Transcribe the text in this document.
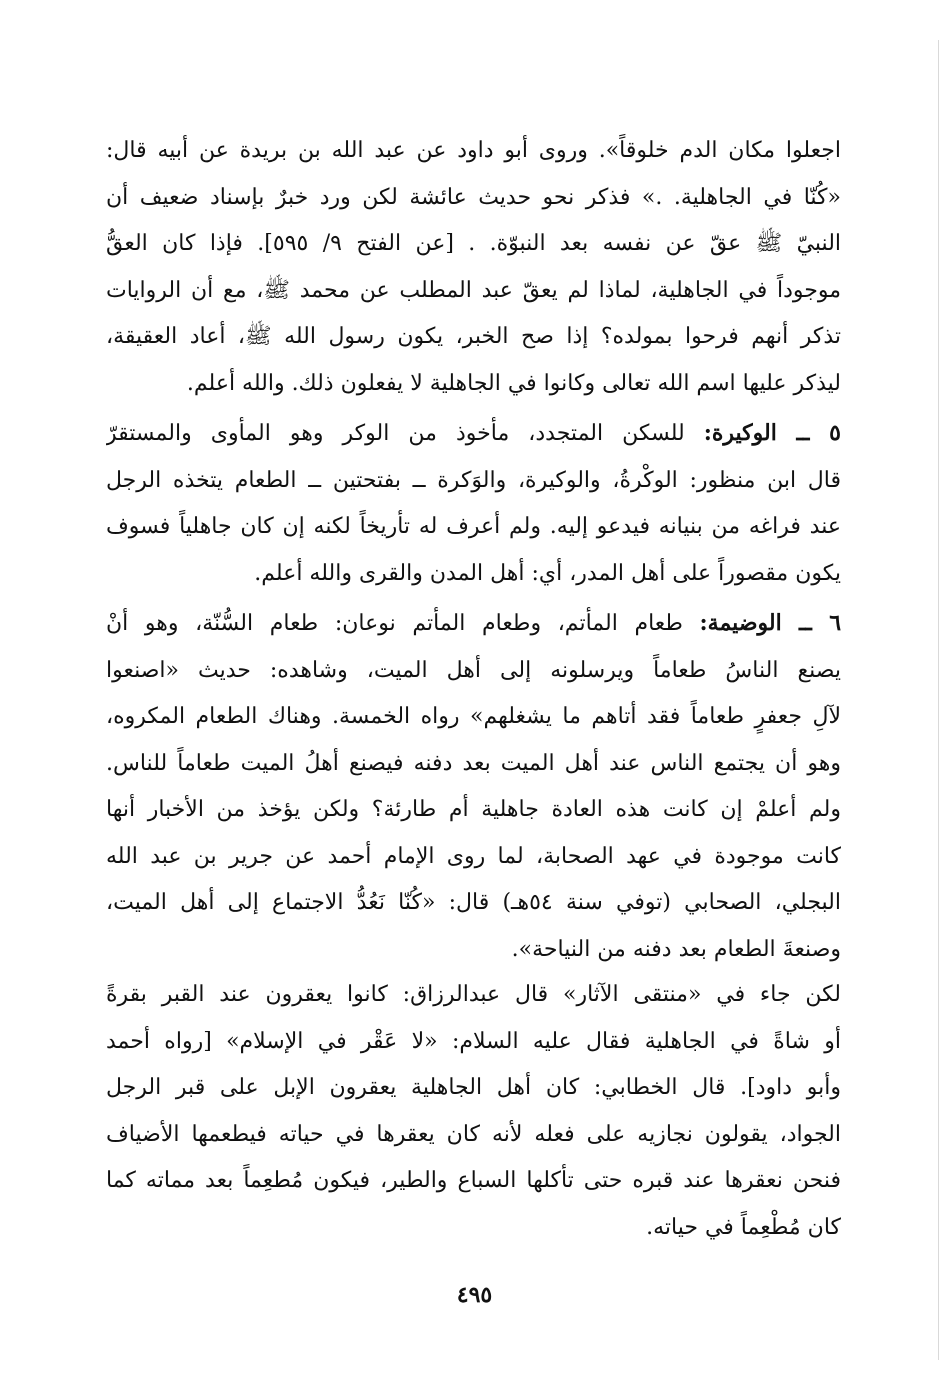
اجعلوا مكان الدم خلوقاً». وروى أبو داود عن عبد الله بن بريدة عن أبيه قال:
«كُنّا في الجاهلية. .» فذكر نحو حديث عائشة لكن ورد خبرٌ بإسناد ضعيف أن
النبيّ ﷺ عقّ عن نفسه بعد النبوّة. . [عن الفتح ٩/ ٥٩٥]. فإذا كان العقُّ
موجوداً في الجاهلية، لماذا لم يعقّ عبد المطلب عن محمد ﷺ، مع أن الروايات
تذكر أنهم فرحوا بمولده؟ إذا صح الخبر، يكون رسول الله ﷺ، أعاد العقيقة،
ليذكر عليها اسم الله تعالى وكانوا في الجاهلية لا يفعلون ذلك. والله أعلم.
٥ ــ الوكيرة: للسكن المتجدد، مأخوذ من الوكر وهو المأوى والمستقرّ
قال ابن منظور: الوكْرةُ، والوكيرة، والوَكرة ــ بفتحتين ــ الطعام يتخذه الرجل
عند فراغه من بنيانه فيدعو إليه. ولم أعرف له تأريخاً لكنه إن كان جاهلياً فسوف
يكون مقصوراً على أهل المدر، أي: أهل المدن والقرى والله أعلم.
٦ ــ الوضيمة: طعام المأتم، وطعام المأتم نوعان: طعام السُّنّة، وهو أنْ
يصنع الناسُ طعاماً ويرسلونه إلى أهل الميت، وشاهده: حديث «اصنعوا
لآلِ جعفرٍ طعاماً فقد أتاهم ما يشغلهم» رواه الخمسة. وهناك الطعام المكروه،
وهو أن يجتمع الناس عند أهل الميت بعد دفنه فيصنع أهلُ الميت طعاماً للناس.
ولم أعلمْ إن كانت هذه العادة جاهلية أم طارئة؟ ولكن يؤخذ من الأخبار أنها
كانت موجودة في عهد الصحابة، لما روى الإمام أحمد عن جرير بن عبد الله
البجلي، الصحابي (توفي سنة ٥٤هـ) قال: «كُنّا نَعُدُّ الاجتماع إلى أهل الميت،
وصنعةَ الطعام بعد دفنه من النياحة».
لكن جاء في «منتقى الآثار» قال عبدالرزاق: كانوا يعقرون عند القبر بقرةً
أو شاةً في الجاهلية فقال عليه السلام: «لا عَقْر في الإسلام» [رواه أحمد
وأبو داود]. قال الخطابي: كان أهل الجاهلية يعقرون الإبل على قبر الرجل
الجواد، يقولون نجازيه على فعله لأنه كان يعقرها في حياته فيطعمها الأضياف
فنحن نعقرها عند قبره حتى تأكلها السباع والطير، فيكون مُطعِماً بعد مماته كما
كان مُطْعِماً في حياته.
٤٩٥
